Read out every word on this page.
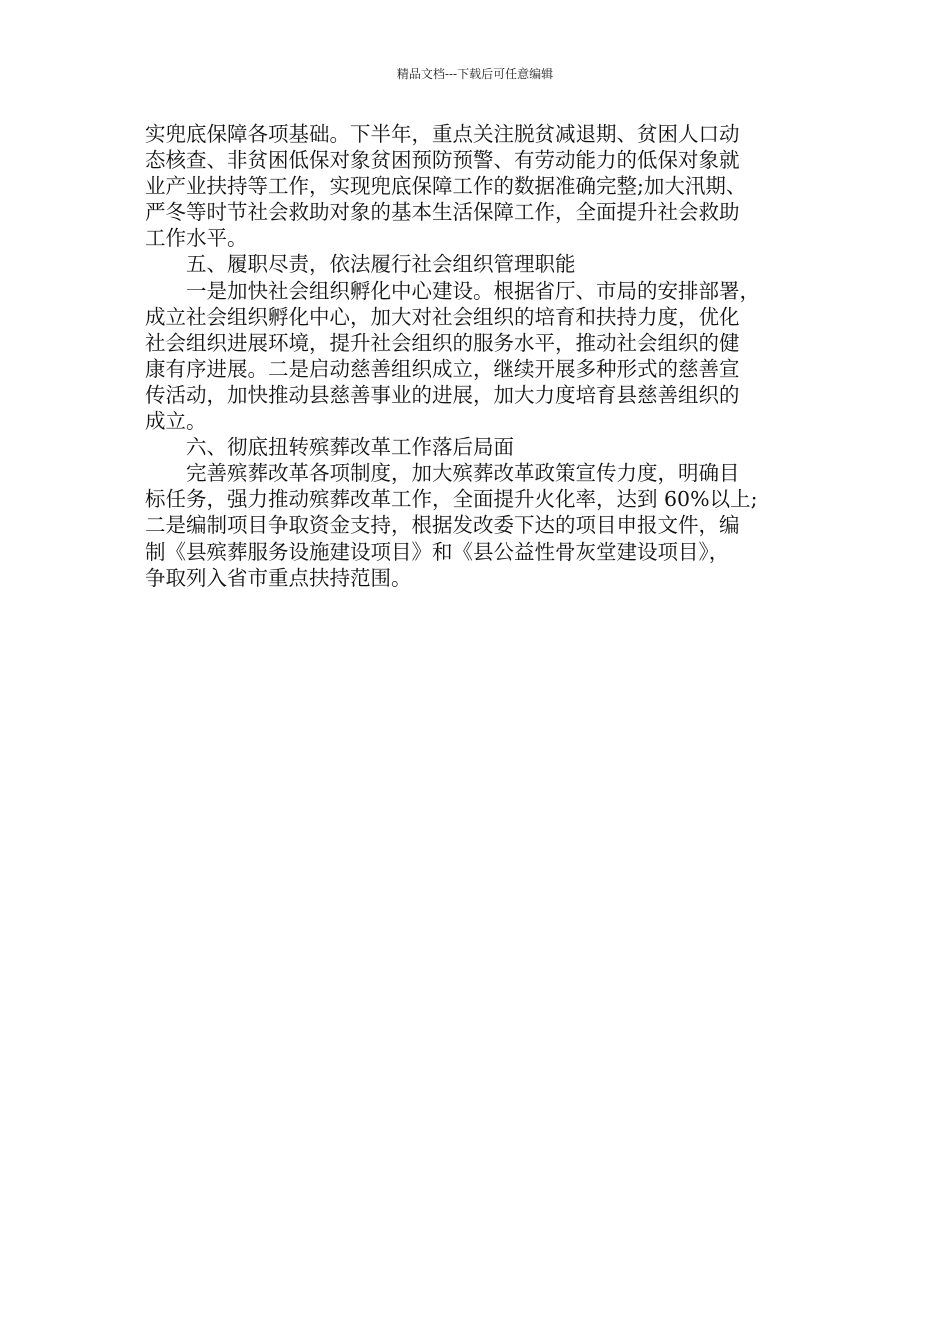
精品文档---下载后可任意编辑
实兜底保障各项基础。下半年，重点关注脱贫减退期、贫困人口动
态核查、非贫困低保对象贫困预防预警、有劳动能力的低保对象就
业产业扶持等工作，实现兜底保障工作的数据准确完整;加大汛期、
严冬等时节社会救助对象的基本生活保障工作，全面提升社会救助
工作水平。
五、履职尽责，依法履行社会组织管理职能
一是加快社会组织孵化中心建设。根据省厅、市局的安排部署，
成立社会组织孵化中心，加大对社会组织的培育和扶持力度，优化
社会组织进展环境，提升社会组织的服务水平，推动社会组织的健
康有序进展。二是启动慈善组织成立，继续开展多种形式的慈善宣
传活动，加快推动县慈善事业的进展，加大力度培育县慈善组织的
成立。
六、彻底扭转殡葬改革工作落后局面
完善殡葬改革各项制度，加大殡葬改革政策宣传力度，明确目
标任务，强力推动殡葬改革工作，全面提升火化率，达到 60%以上;
二是编制项目争取资金支持，根据发改委下达的项目申报文件，编
制《县殡葬服务设施建设项目》和《县公益性骨灰堂建设项目》，
争取列入省市重点扶持范围。
